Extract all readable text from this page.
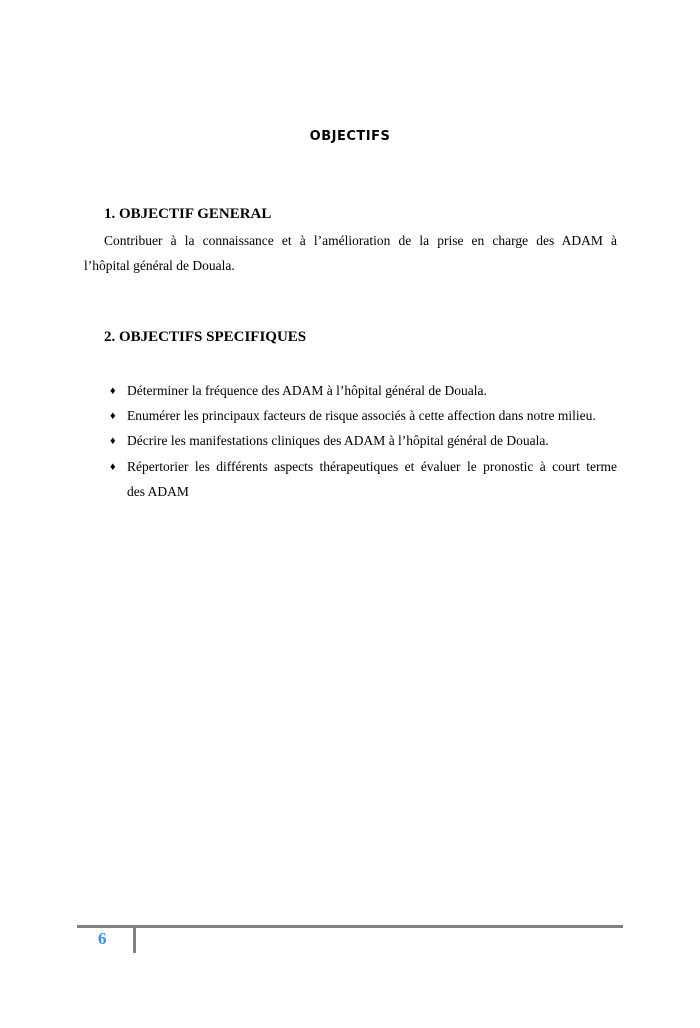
OBJECTIFS
1. OBJECTIF GENERAL
Contribuer à la connaissance et à l’amélioration de la prise en charge des ADAM à
l’hôpital général de Douala.
2. OBJECTIFS SPECIFIQUES
♦ Déterminer la fréquence des ADAM à l’hôpital général de Douala.
♦ Enumérer les principaux facteurs de risque associés à cette affection dans notre milieu.
♦ Décrire les manifestations cliniques des ADAM à l’hôpital général de Douala.
♦ Répertorier les différents aspects thérapeutiques et évaluer le pronostic à court terme
des ADAM
6
